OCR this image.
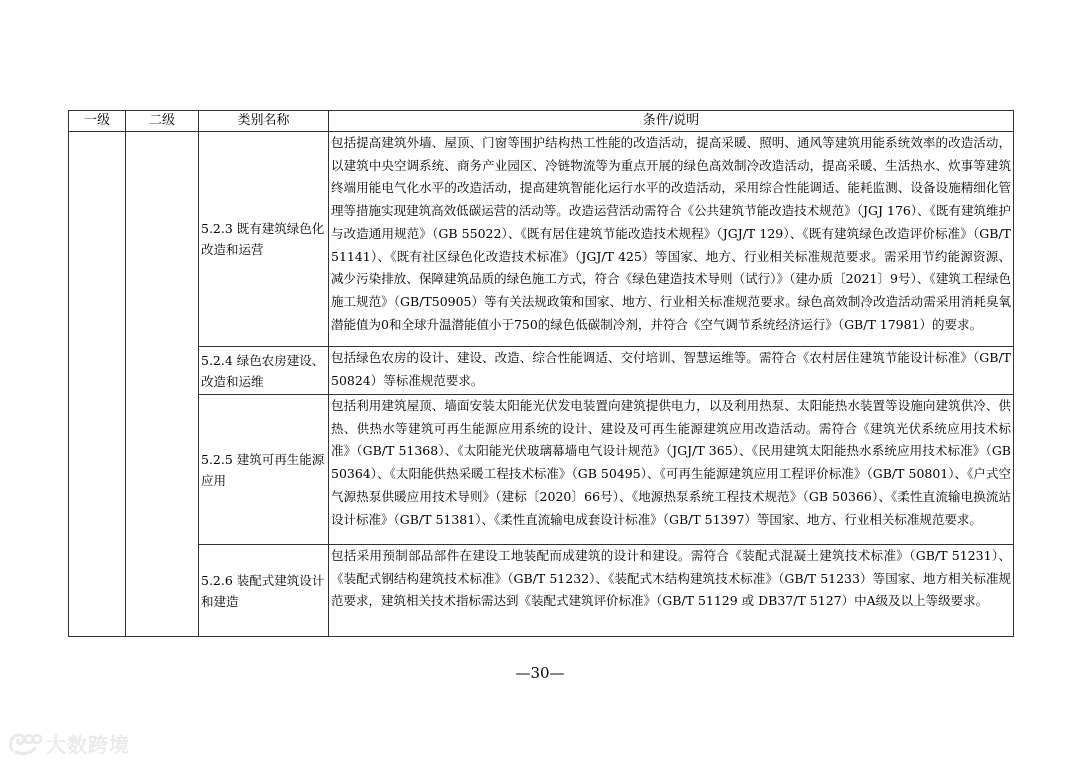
一级	二级	类别名称	条件/说明
		5.2.3 既有建筑绿色化改造和运营	包括提高建筑外墙、屋顶、门窗等围护结构热工性能的改造活动，提高采暖、照明、通风等建筑用能系统效率的改造活动，以建筑中央空调系统、商务产业园区、冷链物流等为重点开展的绿色高效制冷改造活动，提高采暖、生活热水、炊事等建筑终端用能电气化水平的改造活动，提高建筑智能化运行水平的改造活动，采用综合性能调适、能耗监测、设备设施精细化管理等措施实现建筑高效低碳运营的活动等。改造运营活动需符合《公共建筑节能改造技术规范》（JGJ 176）、《既有建筑维护与改造通用规范》（GB 55022）、《既有居住建筑节能改造技术规程》（JGJ/T 129）、《既有建筑绿色改造评价标准》（GB/T 51141）、《既有社区绿色化改造技术标准》（JGJ/T 425）等国家、地方、行业相关标准规范要求。需采用节约能源资源、减少污染排放、保障建筑品质的绿色施工方式，符合《绿色建造技术导则（试行）》（建办质〔2021〕9号）、《建筑工程绿色施工规范》（GB/T50905）等有关法规政策和国家、地方、行业相关标准规范要求。绿色高效制冷改造活动需采用消耗臭氧潜能值为0和全球升温潜能值小于750的绿色低碳制冷剂，并符合《空气调节系统经济运行》（GB/T 17981）的要求。
		5.2.4 绿色农房建设、改造和运维	包括绿色农房的设计、建设、改造、综合性能调适、交付培训、智慧运维等。需符合《农村居住建筑节能设计标准》（GB/T 50824）等标准规范要求。
		5.2.5 建筑可再生能源应用	包括利用建筑屋顶、墙面安装太阳能光伏发电装置向建筑提供电力，以及利用热泵、太阳能热水装置等设施向建筑供冷、供热、供热水等建筑可再生能源应用系统的设计、建设及可再生能源建筑应用改造活动。需符合《建筑光伏系统应用技术标准》（GB/T 51368）、《太阳能光伏玻璃幕墙电气设计规范》（JGJ/T 365）、《民用建筑太阳能热水系统应用技术标准》（GB 50364）、《太阳能供热采暖工程技术标准》（GB 50495）、《可再生能源建筑应用工程评价标准》（GB/T 50801）、《户式空气源热泵供暖应用技术导则》（建标〔2020〕66号）、《地源热泵系统工程技术规范》（GB 50366）、《柔性直流输电换流站设计标准》（GB/T 51381）、《柔性直流输电成套设计标准》（GB/T 51397）等国家、地方、行业相关标准规范要求。
		5.2.6 装配式建筑设计和建造	包括采用预制部品部件在建设工地装配而成建筑的设计和建设。需符合《装配式混凝土建筑技术标准》（GB/T 51231）、《装配式钢结构建筑技术标准》（GB/T 51232）、《装配式木结构建筑技术标准》（GB/T 51233）等国家、地方相关标准规范要求，建筑相关技术指标需达到《装配式建筑评价标准》（GB/T 51129 或 DB37/T 5127）中A级及以上等级要求。
—30—
大数跨境
